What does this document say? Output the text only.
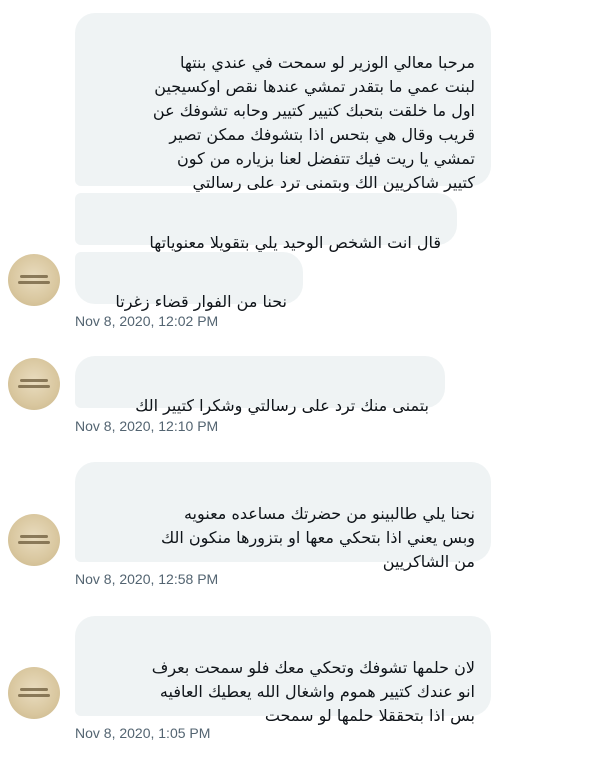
مرحبا معالي الوزير لو سمحت في عندي بنتها
لبنت عمي ما بتقدر تمشي عندها نقص اوكسيجين
اول ما خلقت بتحبك كتيير كتيير وحابه تشوفك عن
قريب وقال هي بتحس اذا بتشوفك ممكن تصير
تمشي يا ريت فيك تتفضل لعنا بزياره من كون
كتيير شاكريين الك وبتمنى ترد على رسالتي

قال انت الشخص الوحيد يلي بتقويلا معنوياتها

نحنا من الفوار قضاء زغرتا

Nov 8, 2020, 12:02 PM

بتمنى منك ترد على رسالتي وشكرا كتيير الك

Nov 8, 2020, 12:10 PM

نحنا يلي طالبينو من حضرتك مساعده معنويه
وبس يعني اذا بتحكي معها او بتزورها منكون الك
من الشاكريين

Nov 8, 2020, 12:58 PM

لان حلمها تشوفك وتحكي معك فلو سمحت بعرف
انو عندك كتيير هموم واشغال الله يعطيك العافيه
بس اذا بتحققلا حلمها لو سمحت

Nov 8, 2020, 1:05 PM
